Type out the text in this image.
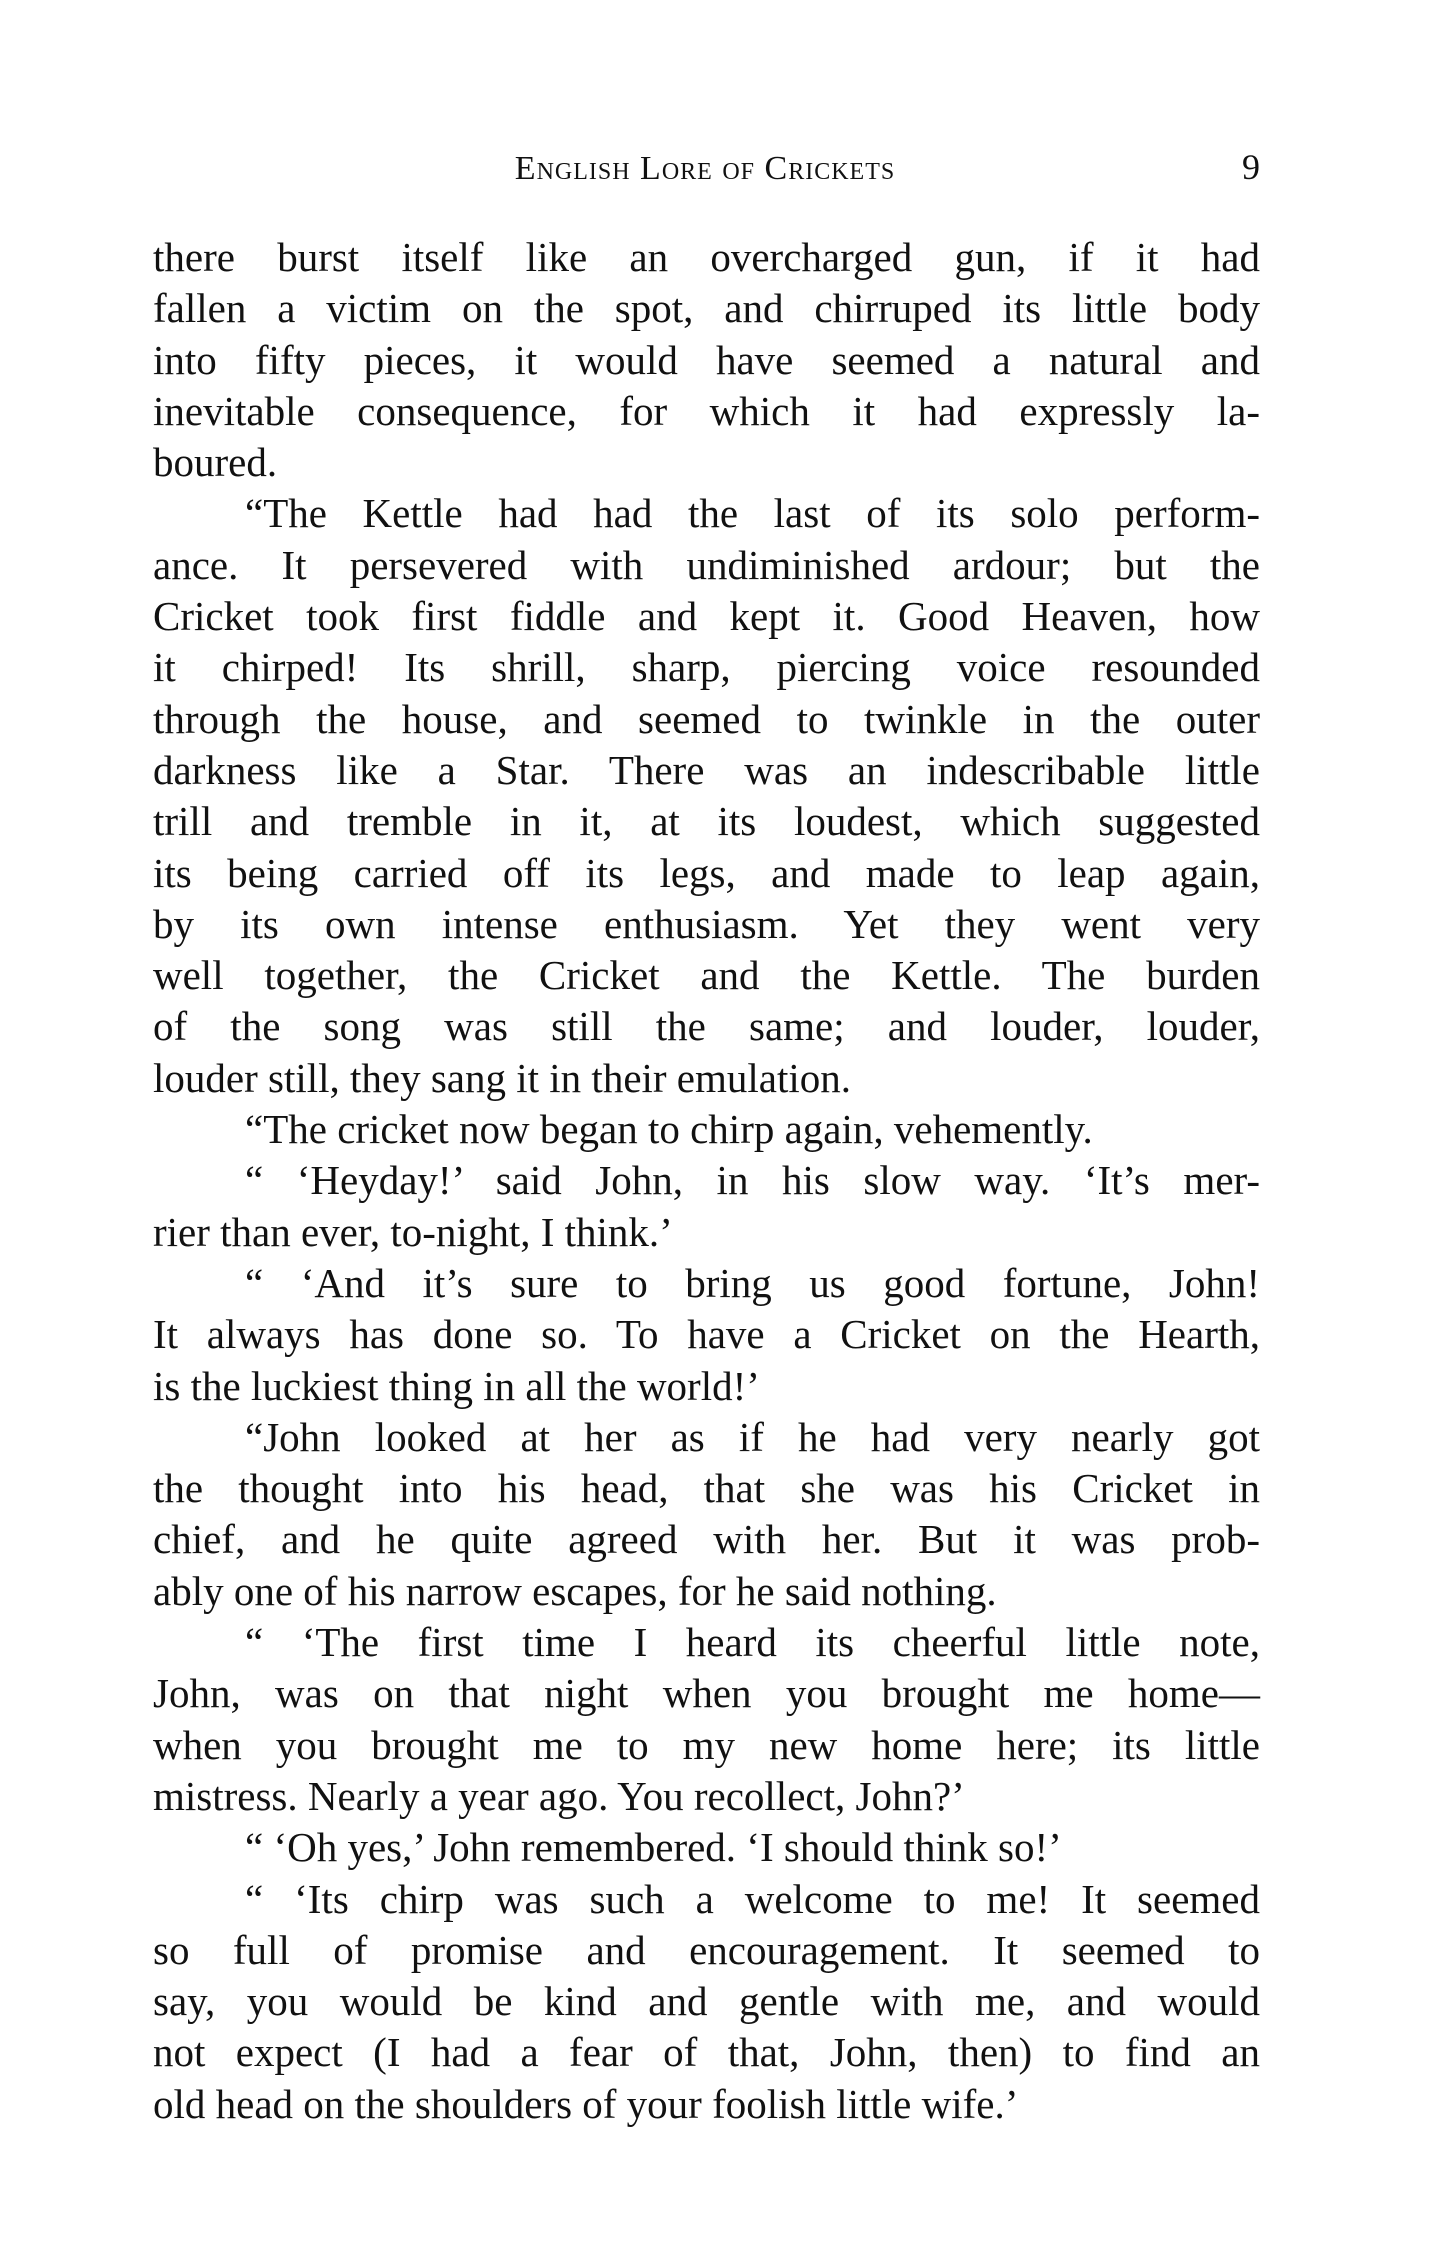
English Lore of Crickets	9
there burst itself like an overcharged gun, if it had
fallen a victim on the spot, and chirruped its little body
into fifty pieces, it would have seemed a natural and
inevitable consequence, for which it had expressly la-
boured.
“The Kettle had had the last of its solo perform-
ance. It persevered with undiminished ardour; but the
Cricket took first fiddle and kept it. Good Heaven, how
it chirped! Its shrill, sharp, piercing voice resounded
through the house, and seemed to twinkle in the outer
darkness like a Star. There was an indescribable little
trill and tremble in it, at its loudest, which suggested
its being carried off its legs, and made to leap again,
by its own intense enthusiasm. Yet they went very
well together, the Cricket and the Kettle. The burden
of the song was still the same; and louder, louder,
louder still, they sang it in their emulation.
“The cricket now began to chirp again, vehemently.
“ ‘Heyday!’ said John, in his slow way. ‘It’s mer-
rier than ever, to-night, I think.’
“ ‘And it’s sure to bring us good fortune, John!
It always has done so. To have a Cricket on the Hearth,
is the luckiest thing in all the world!’
“John looked at her as if he had very nearly got
the thought into his head, that she was his Cricket in
chief, and he quite agreed with her. But it was prob-
ably one of his narrow escapes, for he said nothing.
“ ‘The first time I heard its cheerful little note,
John, was on that night when you brought me home—
when you brought me to my new home here; its little
mistress. Nearly a year ago. You recollect, John?’
“ ‘Oh yes,’ John remembered. ‘I should think so!’
“ ‘Its chirp was such a welcome to me! It seemed
so full of promise and encouragement. It seemed to
say, you would be kind and gentle with me, and would
not expect (I had a fear of that, John, then) to find an
old head on the shoulders of your foolish little wife.’
